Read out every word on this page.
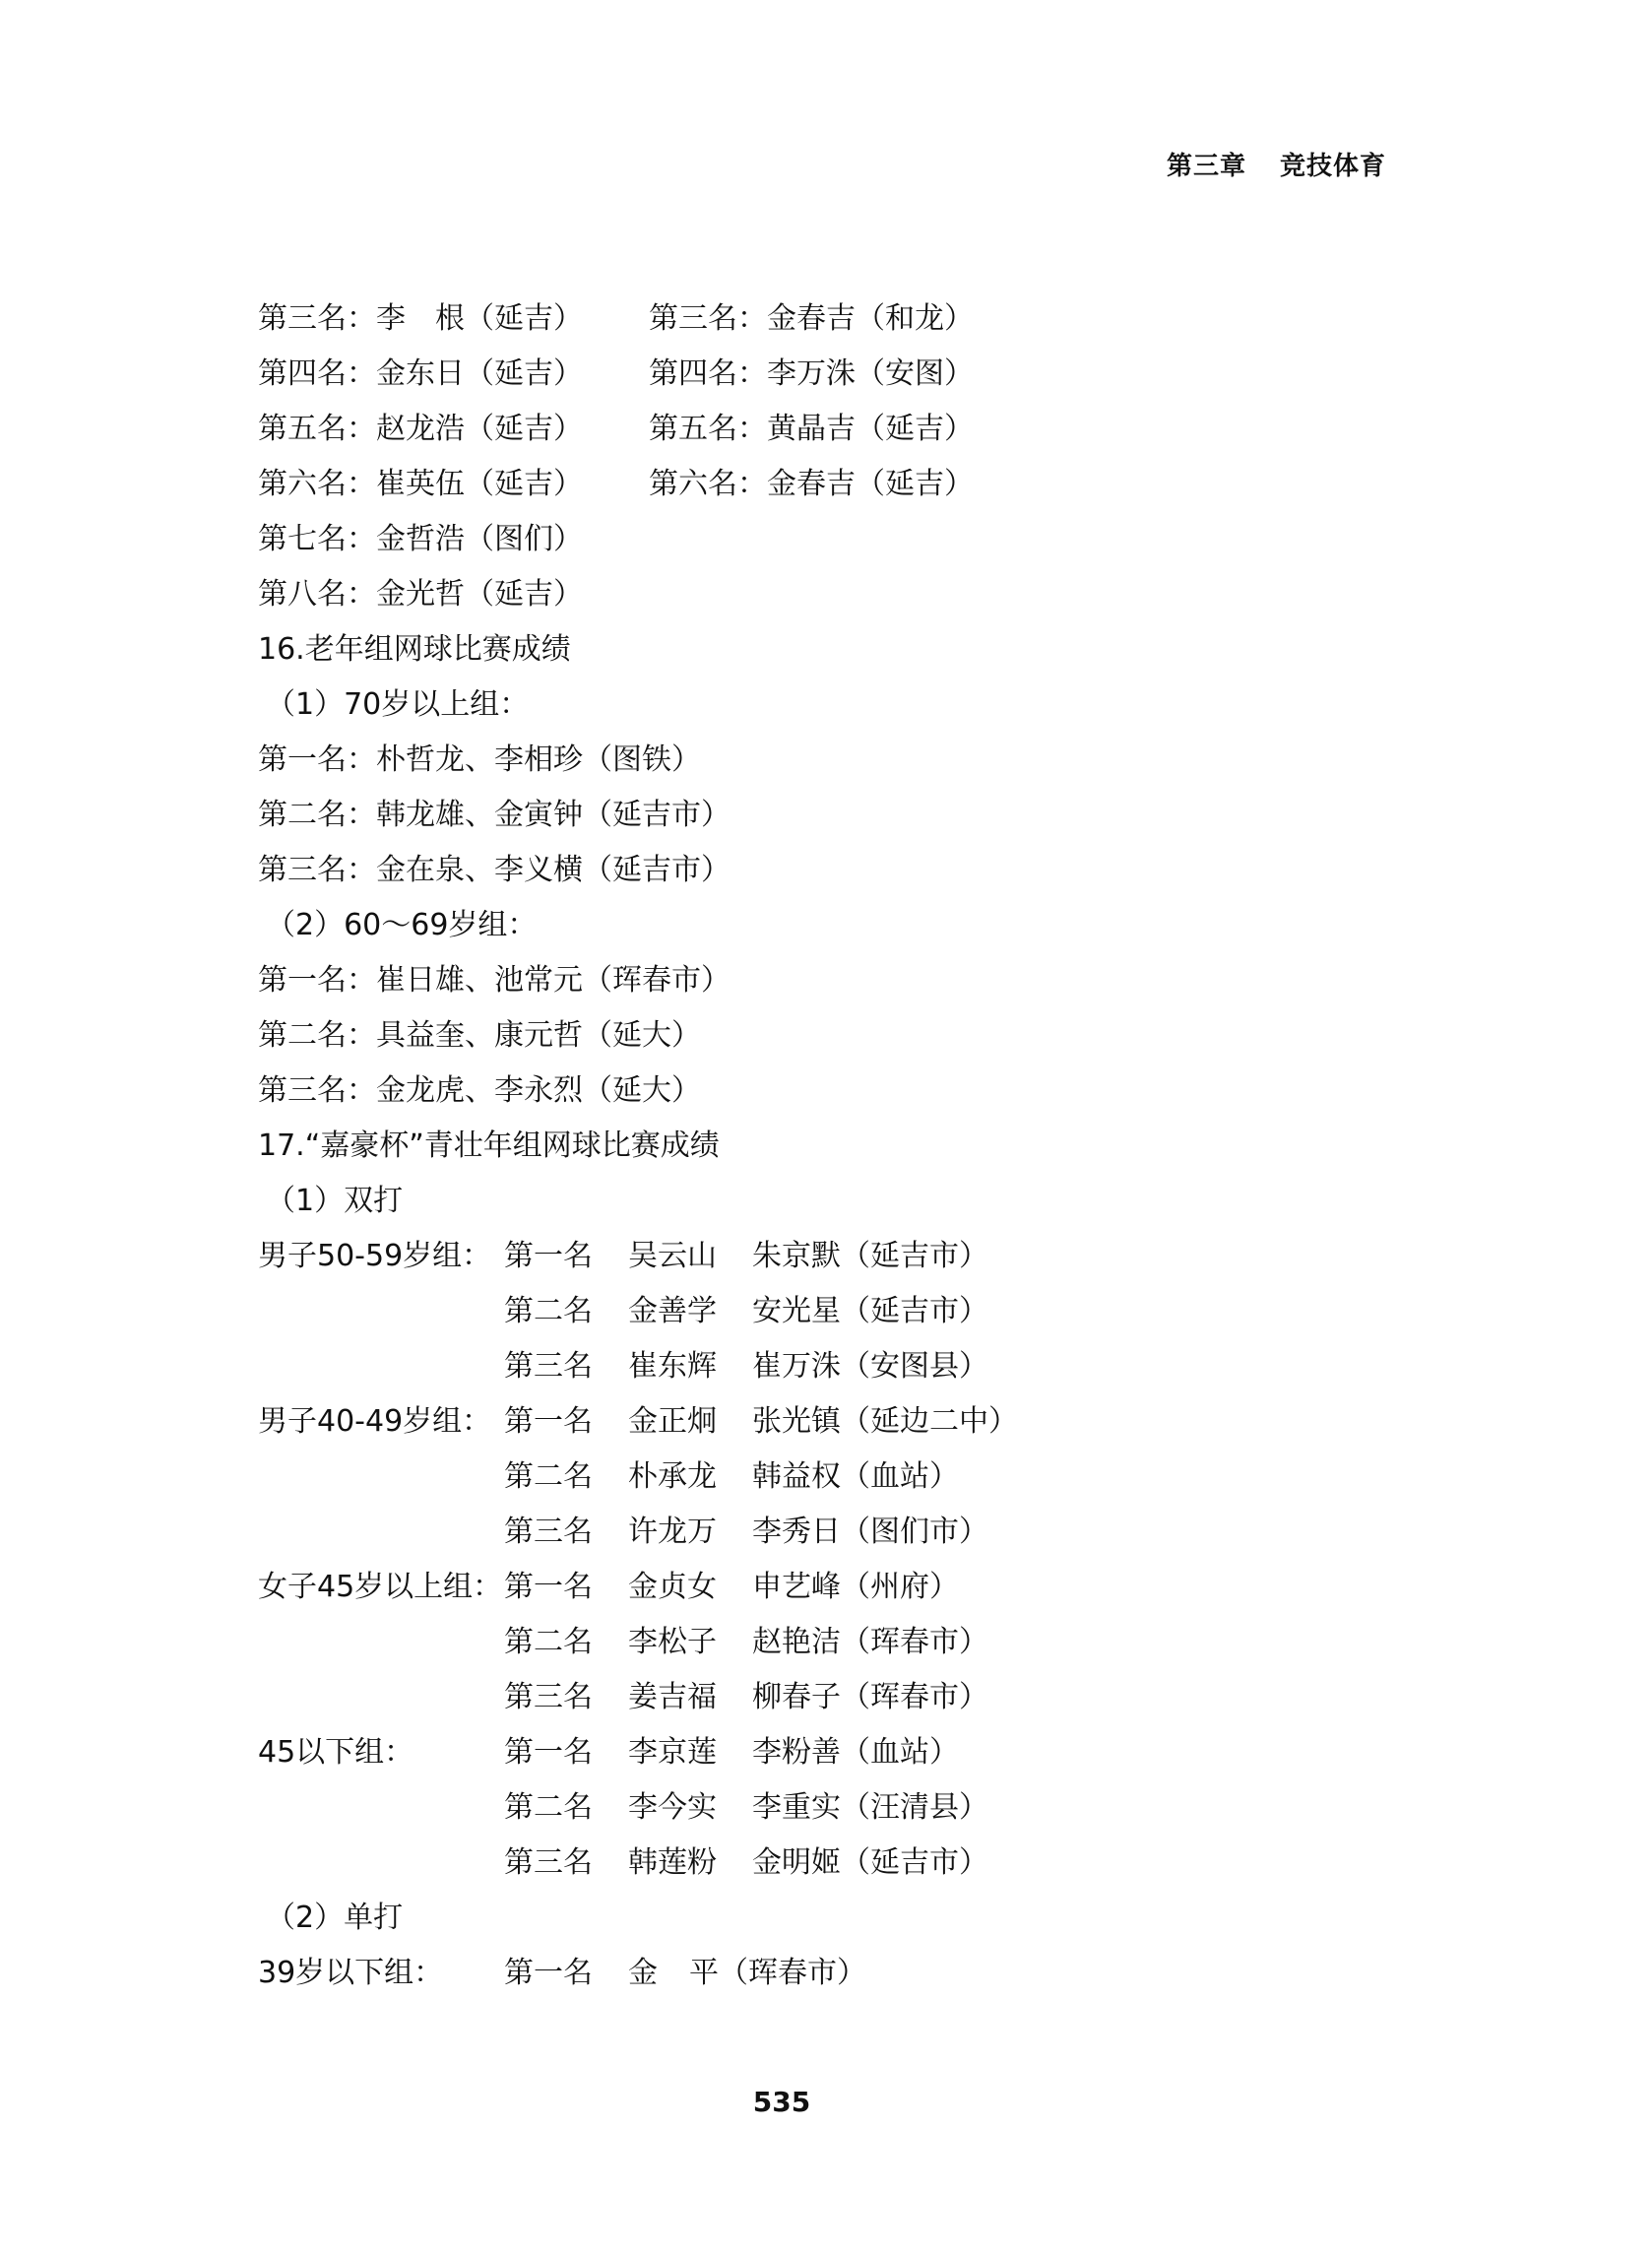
第三章 竞技体育
第三名：李　根（延吉） 第三名：金春吉（和龙）
第四名：金东日（延吉） 第四名：李万洙（安图）
第五名：赵龙浩（延吉） 第五名：黄晶吉（延吉）
第六名：崔英伍（延吉） 第六名：金春吉（延吉）
第七名：金哲浩（图们）
第八名：金光哲（延吉）
16.老年组网球比赛成绩
（1）70岁以上组：
第一名：朴哲龙、李相珍（图铁）
第二名：韩龙雄、金寅钟（延吉市）
第三名：金在泉、李义横（延吉市）
（2）60～69岁组：
第一名：崔日雄、池常元（珲春市）
第二名：具益奎、康元哲（延大）
第三名：金龙虎、李永烈（延大）
17.“嘉豪杯”青壮年组网球比赛成绩
（1）双打
男子50-59岁组： 第一名 吴云山 朱京默（延吉市）
第二名 金善学 安光星（延吉市）
第三名 崔东辉 崔万洙（安图县）
男子40-49岁组： 第一名 金正炯 张光镇（延边二中）
第二名 朴承龙 韩益权（血站）
第三名 许龙万 李秀日（图们市）
女子45岁以上组： 第一名 金贞女 申艺峰（州府）
第二名 李松子 赵艳洁（珲春市）
第三名 姜吉福 柳春子（珲春市）
45以下组：	第一名 李京莲 李粉善（血站）
第二名 李今实 李重实（汪清县）
第三名 韩莲粉 金明姬（延吉市）
（2）单打
39岁以下组： 第一名 金 平（珲春市）
535
